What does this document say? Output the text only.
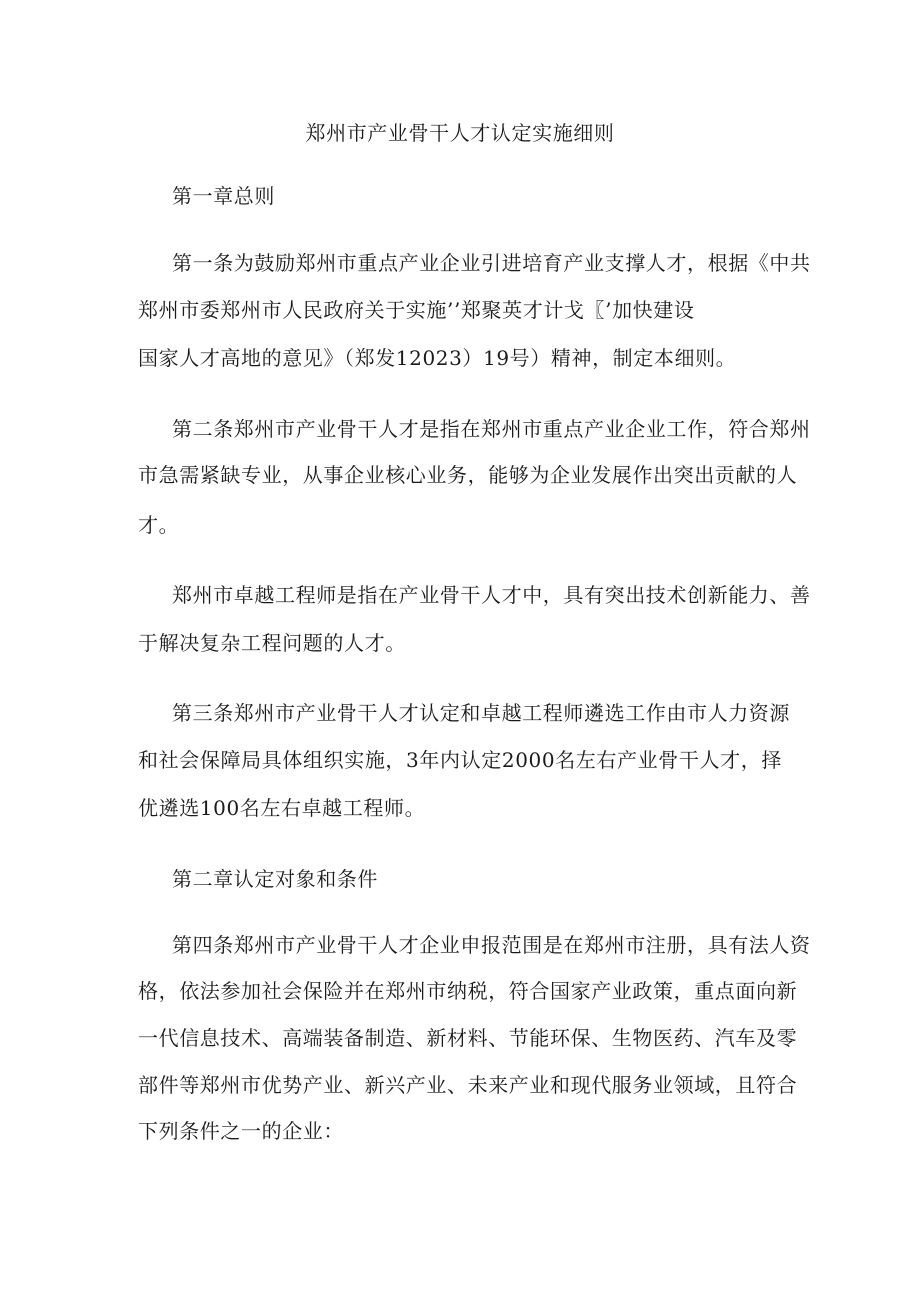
郑州市产业骨干人才认定实施细则
第一章总则
第一条为鼓励郑州市重点产业企业引进培育产业支撑人才，根据《中共
郑州市委郑州市人民政府关于实施’’郑聚英才计戈〖’加快建设
国家人才高地的意见》（郑发12023）19号）精神，制定本细则。
第二条郑州市产业骨干人才是指在郑州市重点产业企业工作，符合郑州
市急需紧缺专业，从事企业核心业务，能够为企业发展作出突出贡献的人
才。
郑州市卓越工程师是指在产业骨干人才中，具有突出技术创新能力、善
于解决复杂工程问题的人才。
第三条郑州市产业骨干人才认定和卓越工程师遴选工作由市人力资源
和社会保障局具体组织实施，3年内认定2000名左右产业骨干人才，择
优遴选100名左右卓越工程师。
第二章认定对象和条件
第四条郑州市产业骨干人才企业申报范围是在郑州市注册，具有法人资
格，依法参加社会保险并在郑州市纳税，符合国家产业政策，重点面向新
一代信息技术、高端装备制造、新材料、节能环保、生物医药、汽车及零
部件等郑州市优势产业、新兴产业、未来产业和现代服务业领域，且符合
下列条件之一的企业：
